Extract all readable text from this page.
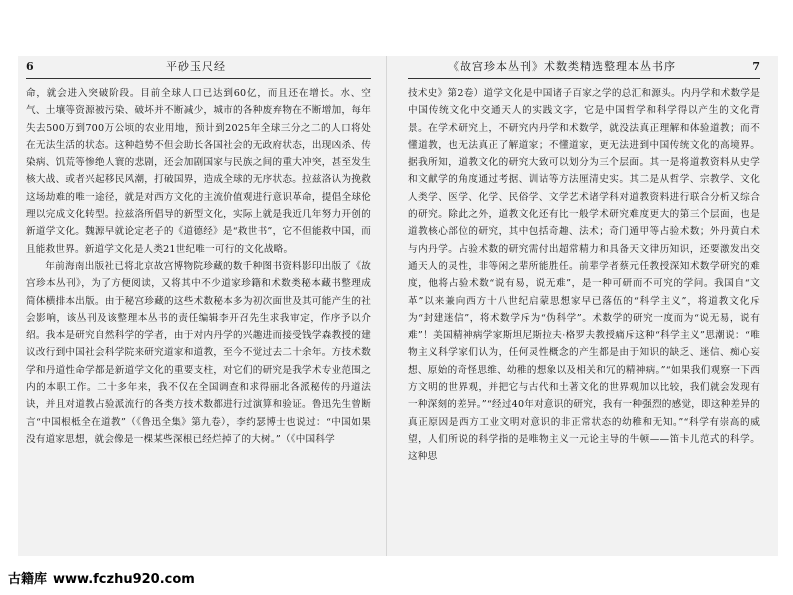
6	平砂玉尺经

命，就会进入突破阶段。目前全球人口已达到60亿，而且还在增长。水、空气、土壤等资源被污染、破坏并不断减少，城市的各种废弃物在不断增加，每年失去500万到700万公顷的农业用地，预计到2025年全球三分之二的人口将处在无法生活的状态。这种趋势不但会助长各国社会的无政府状态，出现凶杀、传染病、饥荒等惨绝人寰的悲剧，还会加剧国家与民族之间的重大冲突，甚至发生核大战、或者兴起移民风潮，打破国界，造成全球的无序状态。拉兹洛认为挽救这场劫难的唯一途径，就是对西方文化的主流价值观进行意识革命，提倡全球伦理以完成文化转型。拉兹洛所倡导的新型文化，实际上就是我近几年努力开创的新道学文化。魏源早就论定老子的《道德经》是“救世书”，它不但能救中国，而且能救世界。新道学文化是人类21世纪唯一可行的文化战略。

年前海南出版社已将北京故宫博物院珍藏的数千种图书资料影印出版了《故宫珍本丛刊》，为了方便阅读，又将其中不少道家珍籍和术数类秘本藏书整理成简体横排本出版。由于秘宫珍藏的这些术数秘本多为初次面世及其可能产生的社会影响，该丛刊及该整理本丛书的责任编辑李开召先生求我审定，作序予以介绍。我本是研究自然科学的学者，由于对内丹学的兴趣进而接受钱学森教授的建议改行到中国社会科学院来研究道家和道教，至今不觉过去二十余年。方技术数学和丹道性命学都是新道学文化的重要支柱，对它们的研究是我学术专业范围之内的本职工作。二十多年来，我不仅在全国调查和求得丽北各派秘传的丹道法诀，并且对道教占验派流行的各类方技术数都进行过演算和验证。鲁迅先生曾断言“中国根柢全在道教”（《鲁迅全集》第九卷），李约瑟博士也说过：“中国如果没有道家思想，就会像是一棵某些深根已经烂掉了的大树。”（《中国科学

《故宫珍本丛刊》术数类精选整理本丛书序	7

技术史》第2卷）道学文化是中国诸子百家之学的总汇和源头。内丹学和术数学是中国传统文化中交通天人的实践文字，它是中国哲学和科学得以产生的文化背景。在学术研究上，不研究内丹学和术数学，就没法真正理解和体验道教；而不懂道教，也无法真正了解道家；不懂道家，更无法进到中国传统文化的高境界。据我所知，道教文化的研究大致可以划分为三个层面。其一是将道教资料从史学和文献学的角度通过考据、训诂等方法厘清史实。其二是从哲学、宗教学、文化人类学、医学、化学、民俗学、文学艺术诸学科对道教资料进行联合分析又综合的研究。除此之外，道教文化还有比一般学术研究难度更大的第三个层面，也是道教核心部位的研究，其中包括奇趣、法术；奇门遁甲等占验术数；外丹黄白术与内丹学。占验术数的研究需付出超常精力和具备天文律历知识，还要激发出交通天人的灵性，非等闲之辈所能胜任。前辈学者蔡元任教授深知术数学研究的难度，他将占验术数“说有易，说无难”，是一种可研而不可究的学问。我国自“文革”以来兼向西方十八世纪启蒙思想家早已落伍的“科学主义”，将道教文化斥为“封建迷信”，将术数学斥为“伪科学”。术数学的研究一度而为“说无易，说有难”！美国精神病学家斯坦尼斯拉夫·格罗夫教授痛斥这种“科学主义”思潮说：“唯物主义科学家们认为，任何灵性概念的产生都是由于知识的缺乏、迷信、痴心妄想、原始的奇怪思维、幼稚的想象以及相关和冗的精神病。”“如果我们观察一下西方文明的世界观，并把它与古代和土著文化的世界观加以比较，我们就会发现有一种深刻的差异。”“经过40年对意识的研究，我有一种强烈的感觉，即这种差异的真正原因是西方工业文明对意识的非正常状态的幼稚和无知。”“科学有崇高的威望，人们所说的科学指的是唯物主义一元论主导的牛顿——笛卡儿范式的科学。这种思

古籍库 www.fczhu920.com
